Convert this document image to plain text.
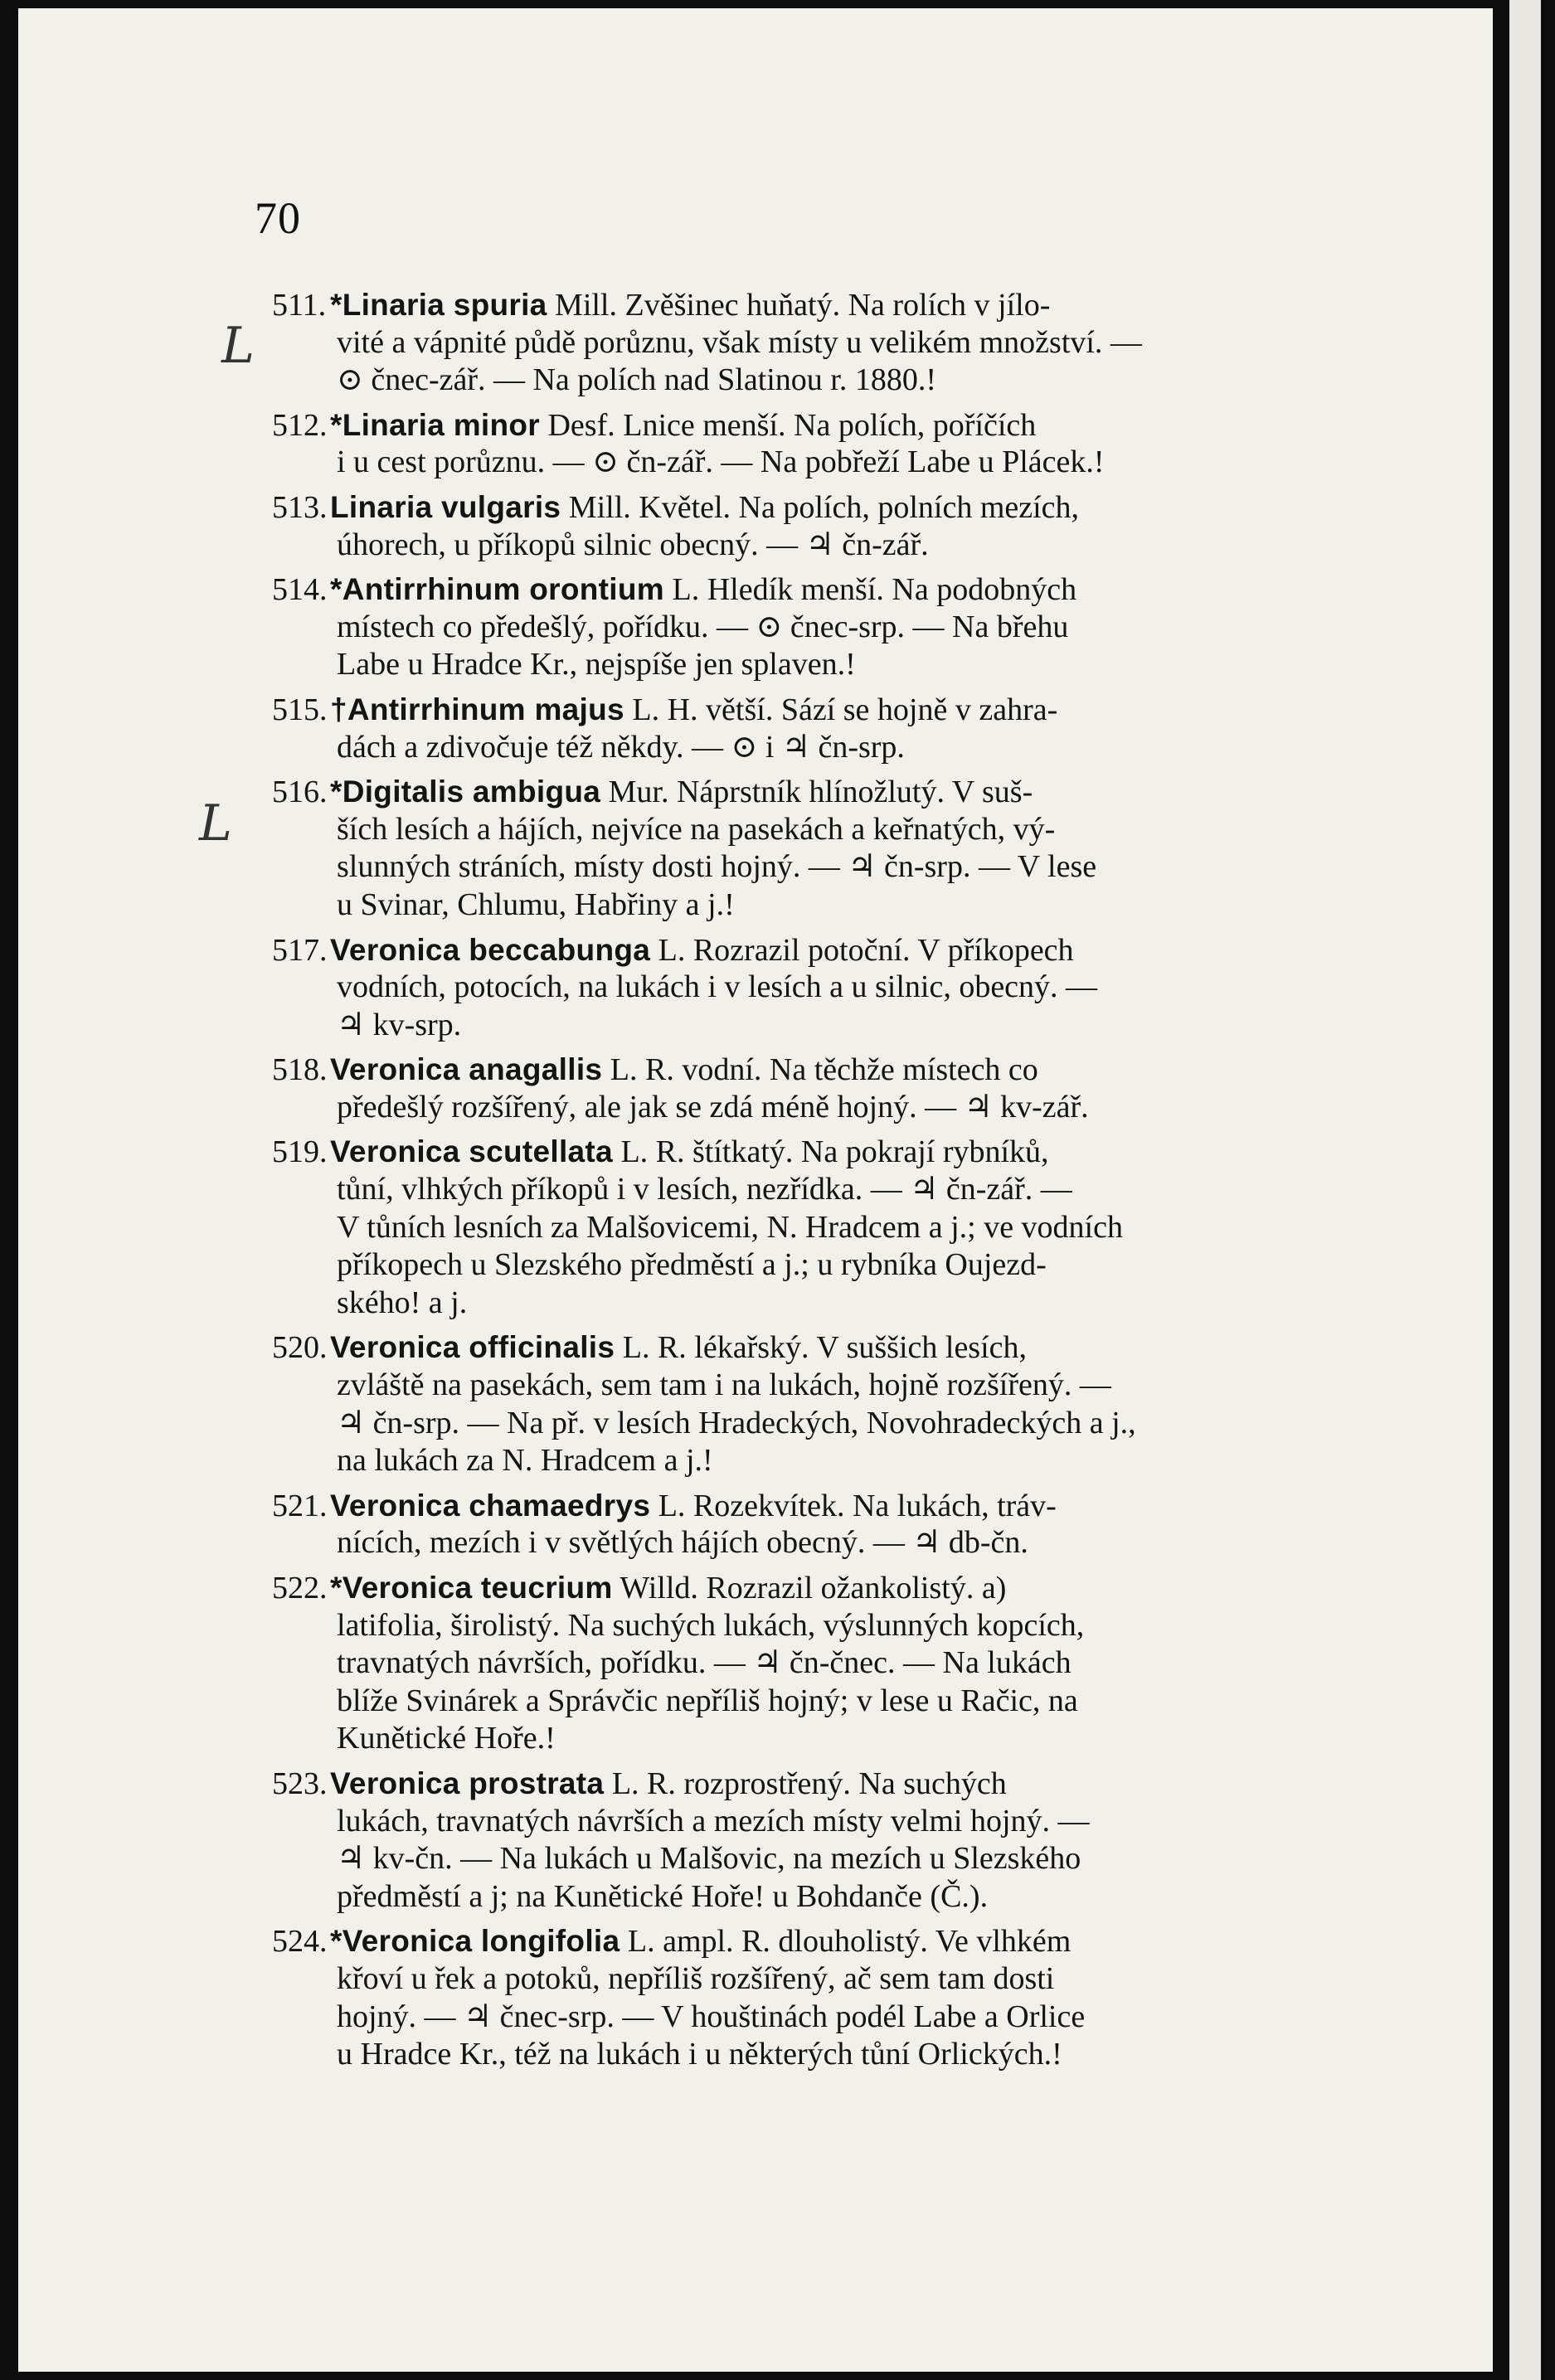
70
L
L
511. *Linaria spuria Mill. Zvěšinec huňatý. Na rolích v jílo-
vité a vápnité půdě porůznu, však místy u velikém množství. —
⊙ čnec-zář. — Na polích nad Slatinou r. 1880.!
512.*Linaria minor Desf. Lnice menší. Na polích, poříčích
i u cest porůznu. — ⊙ čn-zář. — Na pobřeží Labe u Plácek.!
513.Linaria vulgaris Mill. Květel. Na polích, polních mezích,
úhorech, u příkopů silnic obecný. — ♃ čn-zář.
514.*Antirrhinum orontium L. Hledík menší. Na podobných
místech co předešlý, pořídku. — ⊙ čnec-srp. — Na břehu
Labe u Hradce Kr., nejspíše jen splaven.!
515.†Antirrhinum majus L. H. větší. Sází se hojně v zahra-
dách a zdivočuje též někdy. — ⊙ i ♃ čn-srp.
516.*Digitalis ambigua Mur. Náprstník hlínožlutý. V suš-
ších lesích a hájích, nejvíce na pasekách a keřnatých, vý-
slunných stráních, místy dosti hojný. — ♃ čn-srp. — V lese
u Svinar, Chlumu, Habřiny a j.!
517.Veronica beccabunga L. Rozrazil potoční. V příkopech
vodních, potocích, na lukách i v lesích a u silnic, obecný. —
♃ kv-srp.
518.Veronica anagallis L. R. vodní. Na těchže místech co
předešlý rozšířený, ale jak se zdá méně hojný. — ♃ kv-zář.
519.Veronica scutellata L. R. štítkatý. Na pokrají rybníků,
tůní, vlhkých příkopů i v lesích, nezřídka. — ♃ čn-zář. —
V tůních lesních za Malšovicemi, N. Hradcem a j.; ve vodních
příkopech u Slezského předměstí a j.; u rybníka Oujezd-
ského! a j.
520.Veronica officinalis L. R. lékařský. V suššich lesích,
zvláště na pasekách, sem tam i na lukách, hojně rozšířený. —
♃ čn-srp. — Na př. v lesích Hradeckých, Novohradeckých a j.,
na lukách za N. Hradcem a j.!
521.Veronica chamaedrys L. Rozekvítek. Na lukách, tráv-
nících, mezích i v světlých hájích obecný. — ♃ db-čn.
522.*Veronica teucrium Willd. Rozrazil ožankolistý. a)
latifolia, širolistý. Na suchých lukách, výslunných kopcích,
travnatých návrších, pořídku. — ♃ čn-čnec. — Na lukách
blíže Svinárek a Správčic nepříliš hojný; v lese u Račic, na
Kunětické Hoře.!
523.Veronica prostrata L. R. rozprostřený. Na suchých
lukách, travnatých návrších a mezích místy velmi hojný. —
♃ kv-čn. — Na lukách u Malšovic, na mezích u Slezského
předměstí a j; na Kunětické Hoře! u Bohdanče (Č.).
524.*Veronica longifolia L. ampl. R. dlouholistý. Ve vlhkém
křoví u řek a potoků, nepříliš rozšířený, ač sem tam dosti
hojný. — ♃ čnec-srp. — V houštinách podél Labe a Orlice
u Hradce Kr., též na lukách i u některých tůní Orlických.!
